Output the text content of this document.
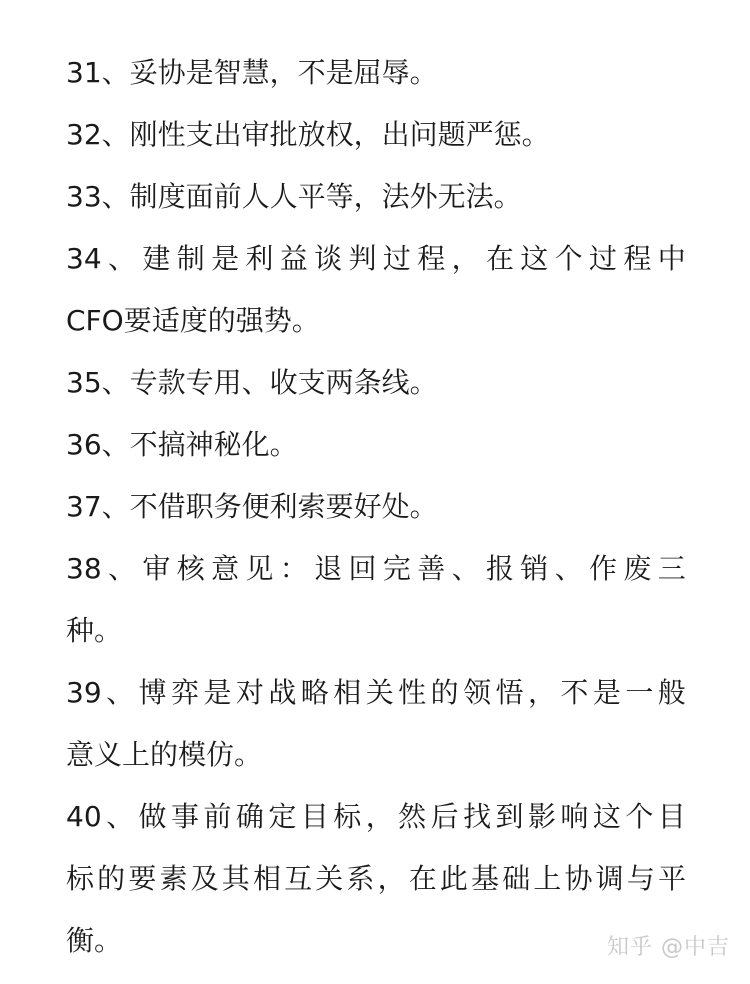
31、妥协是智慧，不是屈辱。
32、刚性支出审批放权，出问题严惩。
33、制度面前人人平等，法外无法。
34 、 建 制 是 利 益 谈 判 过 程 ， 在 这 个 过 程 中
CFO要适度的强势。
35、专款专用、收支两条线。
36、不搞神秘化。
37、不借职务便利索要好处。
38 、 审 核 意 见 ： 退 回 完 善 、 报 销 、 作 废 三
种。
39 、 博 弈 是 对 战 略 相 关 性 的 领 悟 ， 不 是 一 般
意义上的模仿。
40 、 做 事 前 确 定 目 标 ， 然 后 找 到 影 响 这 个 目
标 的 要 素 及 其 相 互 关 系 ， 在 此 基 础 上 协 调 与 平
衡。	知乎 @中吉
